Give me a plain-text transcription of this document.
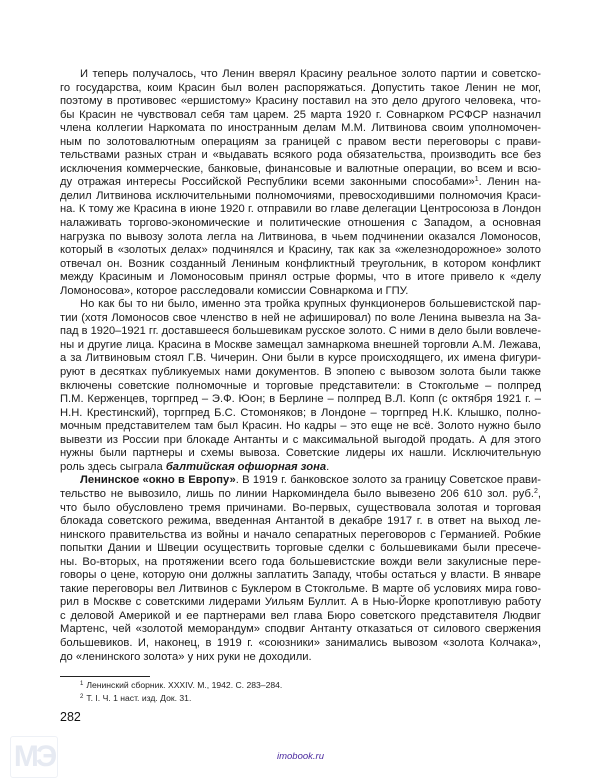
И теперь получалось, что Ленин вверял Красину реальное золото партии и советско-
го государства, коим Красин был волен распоряжаться. Допустить такое Ленин не мог,
поэтому в противовес «ершистому» Красину поставил на это дело другого человека, что-
бы Красин не чувствовал себя там царем. 25 марта 1920 г. Совнарком РСФСР назначил
члена коллегии Наркомата по иностранным делам М.М. Литвинова своим уполномочен-
ным по золотовалютным операциям за границей с правом вести переговоры с прави-
тельствами разных стран и «выдавать всякого рода обязательства, производить все без
исключения коммерческие, банковые, финансовые и валютные операции, во всем и всю-
ду отражая интересы Российской Республики всеми законными способами»$^1$. Ленин на-
делил Литвинова исключительными полномочиями, превосходившими полномочия Краси-
на. К тому же Красина в июне 1920 г. отправили во главе делегации Центросоюза в Лондон
налаживать торгово-экономические и политические отношения с Западом, а основная
нагрузка по вывозу золота легла на Литвинова, в чьем подчинении оказался Ломоносов,
который в «золотых делах» подчинялся и Красину, так как за «железнодорожное» золото
отвечал он. Возник созданный Лениным конфликтный треугольник, в котором конфликт
между Красиным и Ломоносовым принял острые формы, что в итоге привело к «делу
Ломоносова», которое расследовали комиссии Совнаркома и ГПУ.
Но как бы то ни было, именно эта тройка крупных функционеров большевистской пар-
тии (хотя Ломоносов свое членство в ней не афишировал) по воле Ленина вывезла на За-
пад в 1920–1921 гг. доставшееся большевикам русское золото. С ними в дело были вовлече-
ны и другие лица. Красина в Москве замещал замнаркома внешней торговли А.М. Лежава,
а за Литвиновым стоял Г.В. Чичерин. Они были в курсе происходящего, их имена фигури-
руют в десятках публикуемых нами документов. В эпопею с вывозом золота были также
включены советские полномочные и торговые представители: в Стокгольме – полпред
П.М. Керженцев, торгпред – Э.Ф. Юон; в Берлине – полпред В.Л. Копп (с октября 1921 г. –
Н.Н. Крестинский), торгпред Б.С. Стомоняков; в Лондоне – торгпред Н.К. Клышко, полно-
мочным представителем там был Красин. Но кадры – это еще не всё. Золото нужно было
вывезти из России при блокаде Антанты и с максимальной выгодой продать. А для этого
нужны были партнеры и схемы вывоза. Советские лидеры их нашли. Исключительную
роль здесь сыграла балтийская офшорная зона.
Ленинское «окно в Европу». В 1919 г. банковское золото за границу Советское прави-
тельство не вывозило, лишь по линии Наркоминдела было вывезено 206 610 зол. руб.$^2$,
что было обусловлено тремя причинами. Во-первых, существовала золотая и торговая
блокада советского режима, введенная Антантой в декабре 1917 г. в ответ на выход ле-
нинского правительства из войны и начало сепаратных переговоров с Германией. Робкие
попытки Дании и Швеции осуществить торговые сделки с большевиками были пресече-
ны. Во-вторых, на протяжении всего года большевистские вожди вели закулисные пере-
говоры о цене, которую они должны заплатить Западу, чтобы остаться у власти. В январе
такие переговоры вел Литвинов с Буклером в Стокгольме. В марте об условиях мира гово-
рил в Москве с советскими лидерами Уильям Буллит. А в Нью-Йорке кропотливую работу
с деловой Америкой и ее партнерами вел глава Бюро советского представителя Людвиг
Мартенс, чей «золотой меморандум» сподвиг Антанту отказаться от силового свержения
большевиков. И, наконец, в 1919 г. «союзники» занимались вывозом «золота Колчака»,
до «ленинского золота» у них руки не доходили.
$^1$ Ленинский сборник. XXXIV. М., 1942. С. 283–284.
$^2$ Т. I. Ч. 1 наст. изд. Док. 31.
282
МЭ	imobook.ru
